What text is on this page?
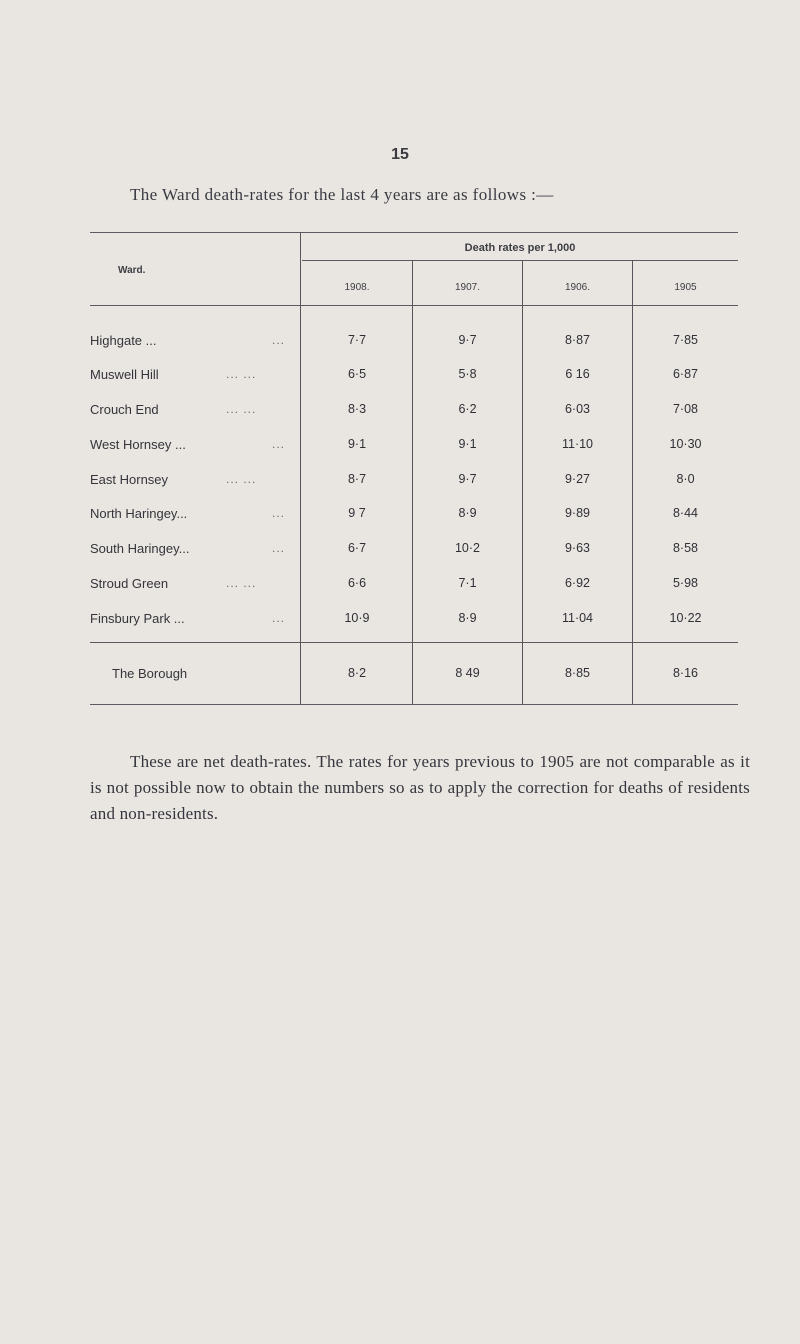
15
The Ward death-rates for the last 4 years are as follows :—
Ward.
Death rates per 1,000
1908.	1907.	1906.	1905
Highgate ...	...	7·7	9·7	8·87	7·85
Muswell Hill	... ...	6·5	5·8	6 16	6·87
Crouch End	... ...	8·3	6·2	6·03	7·08
West Hornsey ...	...	9·1	9·1	11·10	10·30
East Hornsey	... ...	8·7	9·7	9·27	8·0
North Haringey...	...	9 7	8·9	9·89	8·44
South Haringey...	...	6·7	10·2	9·63	8·58
Stroud Green	... ...	6·6	7·1	6·92	5·98
Finsbury Park ...	...	10·9	8·9	11·04	10·22
The Borough	8·2	8 49	8·85	8·16

These are net death-rates. The rates for years previous to 1905 are not comparable as it is not possible now to obtain the numbers so as to apply the correction for deaths of residents and non-residents.
